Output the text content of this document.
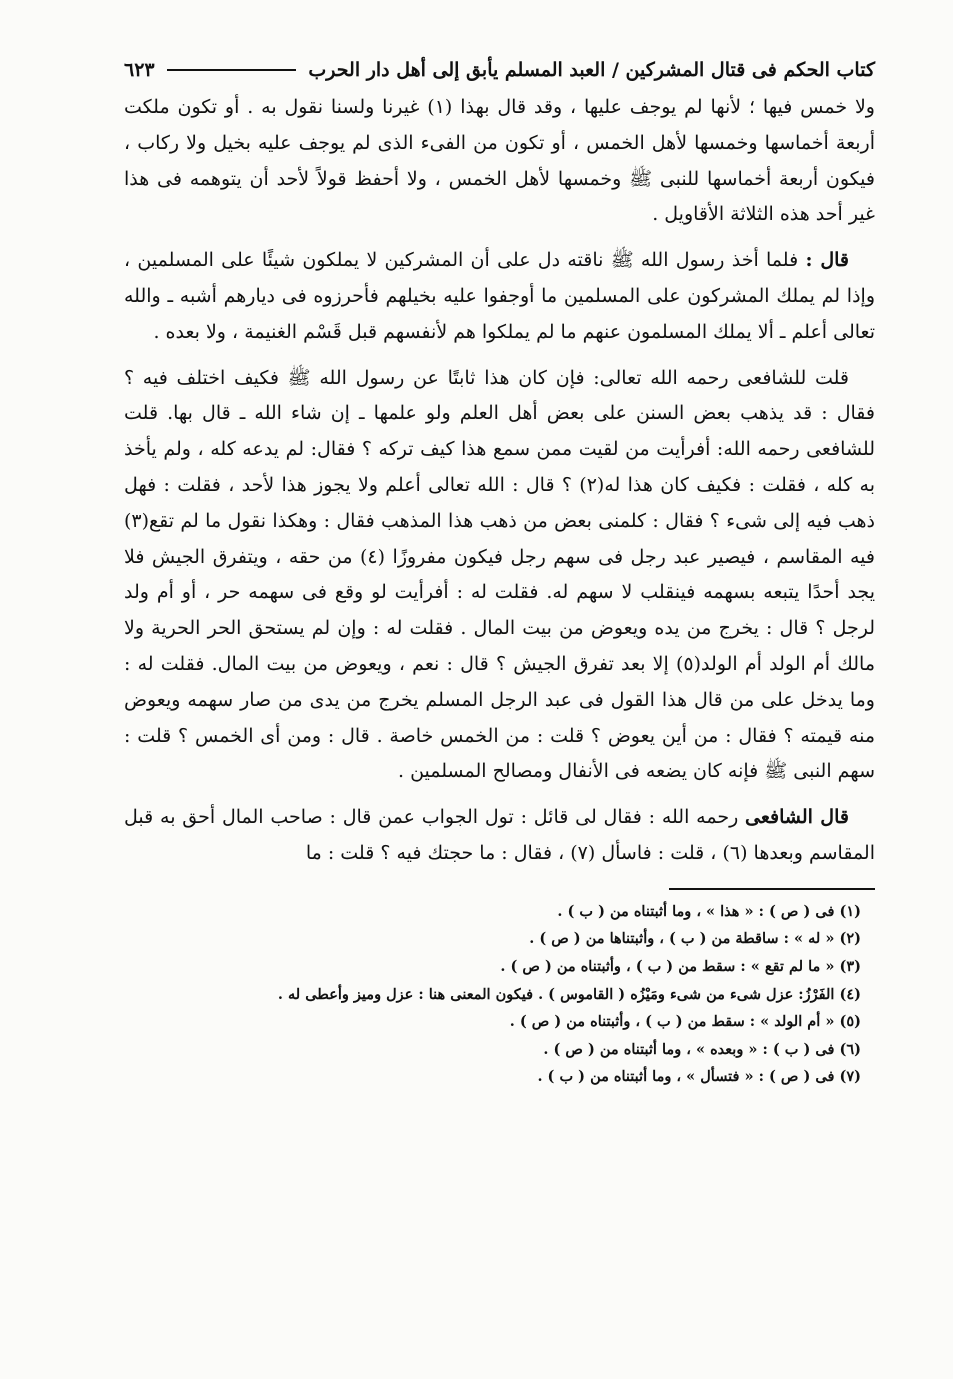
كتاب الحكم فى قتال المشركين / العبد المسلم يأبق إلى أهل دار الحرب
٦٢٣

ولا خمس فيها ؛ لأنها لم يوجف عليها ، وقد قال بهذا (١) غيرنا ولسنا نقول به . أو تكون ملكت أربعة أخماسها وخمسها لأهل الخمس ، أو تكون من الفىء الذى لم يوجف عليه بخيل ولا ركاب ، فيكون أربعة أخماسها للنبى ﷺ وخمسها لأهل الخمس ، ولا أحفظ قولاً لأحد أن يتوهمه فى هذا غير أحد هذه الثلاثة الأقاويل .

قال : فلما أخذ رسول الله ﷺ ناقته دل على أن المشركين لا يملكون شيئًا على المسلمين ، وإذا لم يملك المشركون على المسلمين ما أوجفوا عليه بخيلهم فأحرزوه فى ديارهم أشبه ـ والله تعالى أعلم ـ ألا يملك المسلمون عنهم ما لم يملكوا هم لأنفسهم قبل قَسْم الغنيمة ، ولا بعده .

قلت للشافعى رحمه الله تعالى: فإن كان هذا ثابتًا عن رسول الله ﷺ فكيف اختلف فيه ؟ فقال : قد يذهب بعض السنن على بعض أهل العلم ولو علمها ـ إن شاء الله ـ قال بها. قلت للشافعى رحمه الله: أفرأيت من لقيت ممن سمع هذا كيف تركه ؟ فقال: لم يدعه كله ، ولم يأخذ به كله ، فقلت : فكيف كان هذا له(٢) ؟ قال : الله تعالى أعلم ولا يجوز هذا لأحد ، فقلت : فهل ذهب فيه إلى شىء ؟ فقال : كلمنى بعض من ذهب هذا المذهب فقال : وهكذا نقول ما لم تقع(٣) فيه المقاسم ، فيصير عبد رجل فى سهم رجل فيكون مفروزًا (٤) من حقه ، ويتفرق الجيش فلا يجد أحدًا يتبعه بسهمه فينقلب لا سهم له. فقلت له : أفرأيت لو وقع فى سهمه حر ، أو أم ولد لرجل ؟ قال : يخرج من يده ويعوض من بيت المال . فقلت له : وإن لم يستحق الحر الحرية ولا مالك أم الولد أم الولد(٥) إلا بعد تفرق الجيش ؟ قال : نعم ، ويعوض من بيت المال. فقلت له : وما يدخل على من قال هذا القول فى عبد الرجل المسلم يخرج من يدى من صار سهمه ويعوض منه قيمته ؟ فقال : من أين يعوض ؟ قلت : من الخمس خاصة . قال : ومن أى الخمس ؟ قلت : سهم النبى ﷺ فإنه كان يضعه فى الأنفال ومصالح المسلمين .

قال الشافعى رحمه الله : فقال لى قائل : تول الجواب عمن قال : صاحب المال أحق به قبل المقاسم وبعدها (٦) ، قلت : فاسأل (٧) ، فقال : ما حجتك فيه ؟ قلت : ما

(١) فى ( ص ) : « هذا » ، وما أثبتناه من ( ب ) .

(٢) « له » : ساقطة من ( ب ) ، وأثبتناها من ( ص ) .

(٣) « ما لم تقع » : سقط من ( ب ) ، وأثبتناه من ( ص ) .

(٤) الفَرْزُ: عزل شىء من شىء ومَيْزُه ( القاموس ) . فيكون المعنى هنا : عزل وميز وأعطى له .

(٥) « أم الولد » : سقط من ( ب ) ، وأثبتناه من ( ص ) .

(٦) فى ( ب ) : « وبعده » ، وما أثبتناه من ( ص ) .

(٧) فى ( ص ) : « فتسأل » ، وما أثبتناه من ( ب ) .
